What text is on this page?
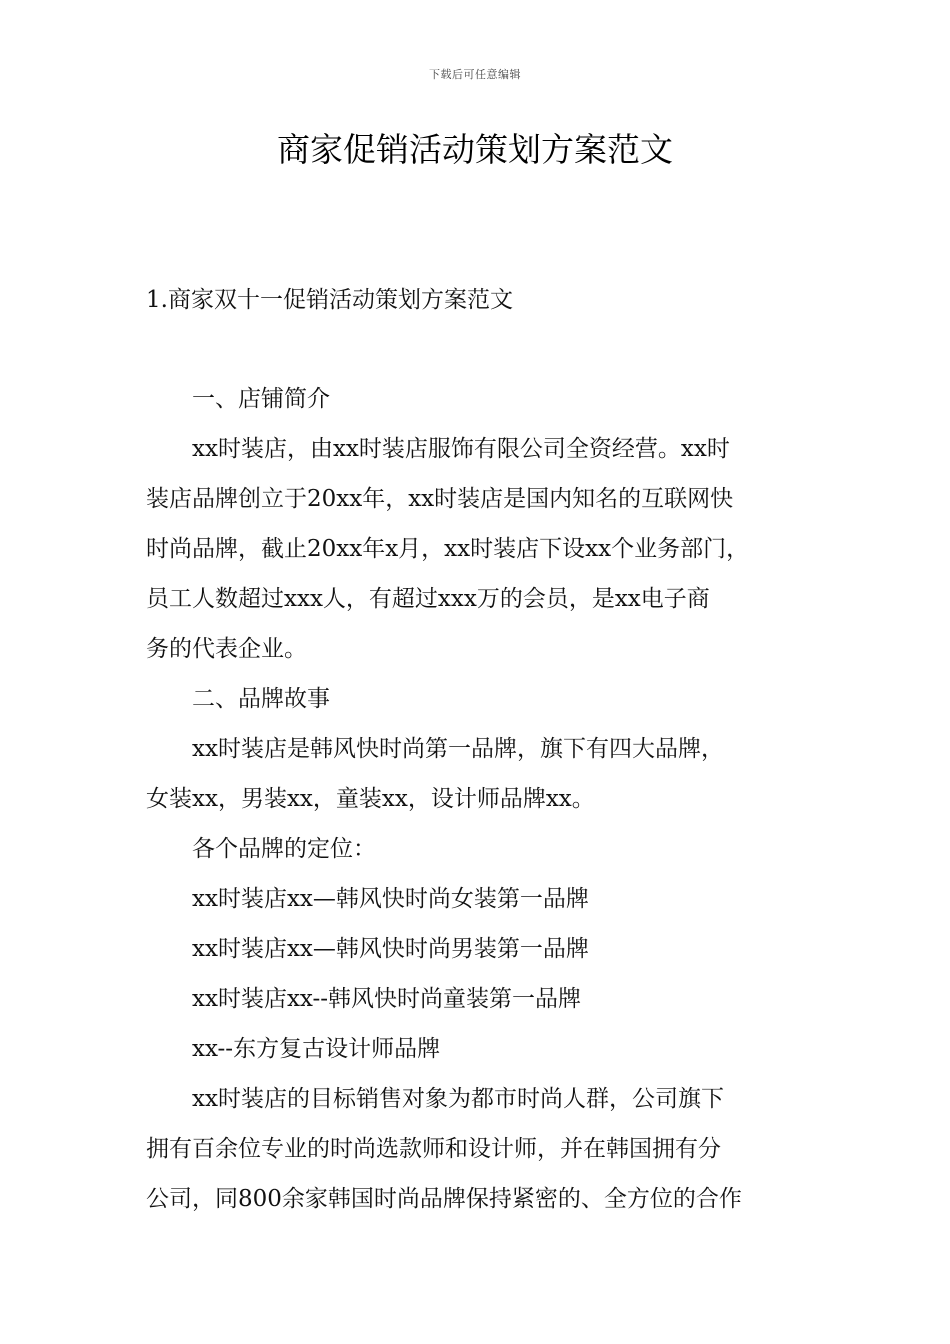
下载后可任意编辑
商家促销活动策划方案范文
1.商家双十一促销活动策划方案范文
一、店铺简介
xx时装店，由xx时装店服饰有限公司全资经营。xx时
装店品牌创立于20xx年，xx时装店是国内知名的互联网快
时尚品牌，截止20xx年x月，xx时装店下设xx个业务部门，
员工人数超过xxx人，有超过xxx万的会员，是xx电子商
务的代表企业。
二、品牌故事
xx时装店是韩风快时尚第一品牌，旗下有四大品牌，
女装xx，男装xx，童装xx，设计师品牌xx。
各个品牌的定位：
xx时装店xx—韩风快时尚女装第一品牌
xx时装店xx—韩风快时尚男装第一品牌
xx时装店xx--韩风快时尚童装第一品牌
xx--东方复古设计师品牌
xx时装店的目标销售对象为都市时尚人群，公司旗下
拥有百余位专业的时尚选款师和设计师，并在韩国拥有分
公司，同800余家韩国时尚品牌保持紧密的、全方位的合作
